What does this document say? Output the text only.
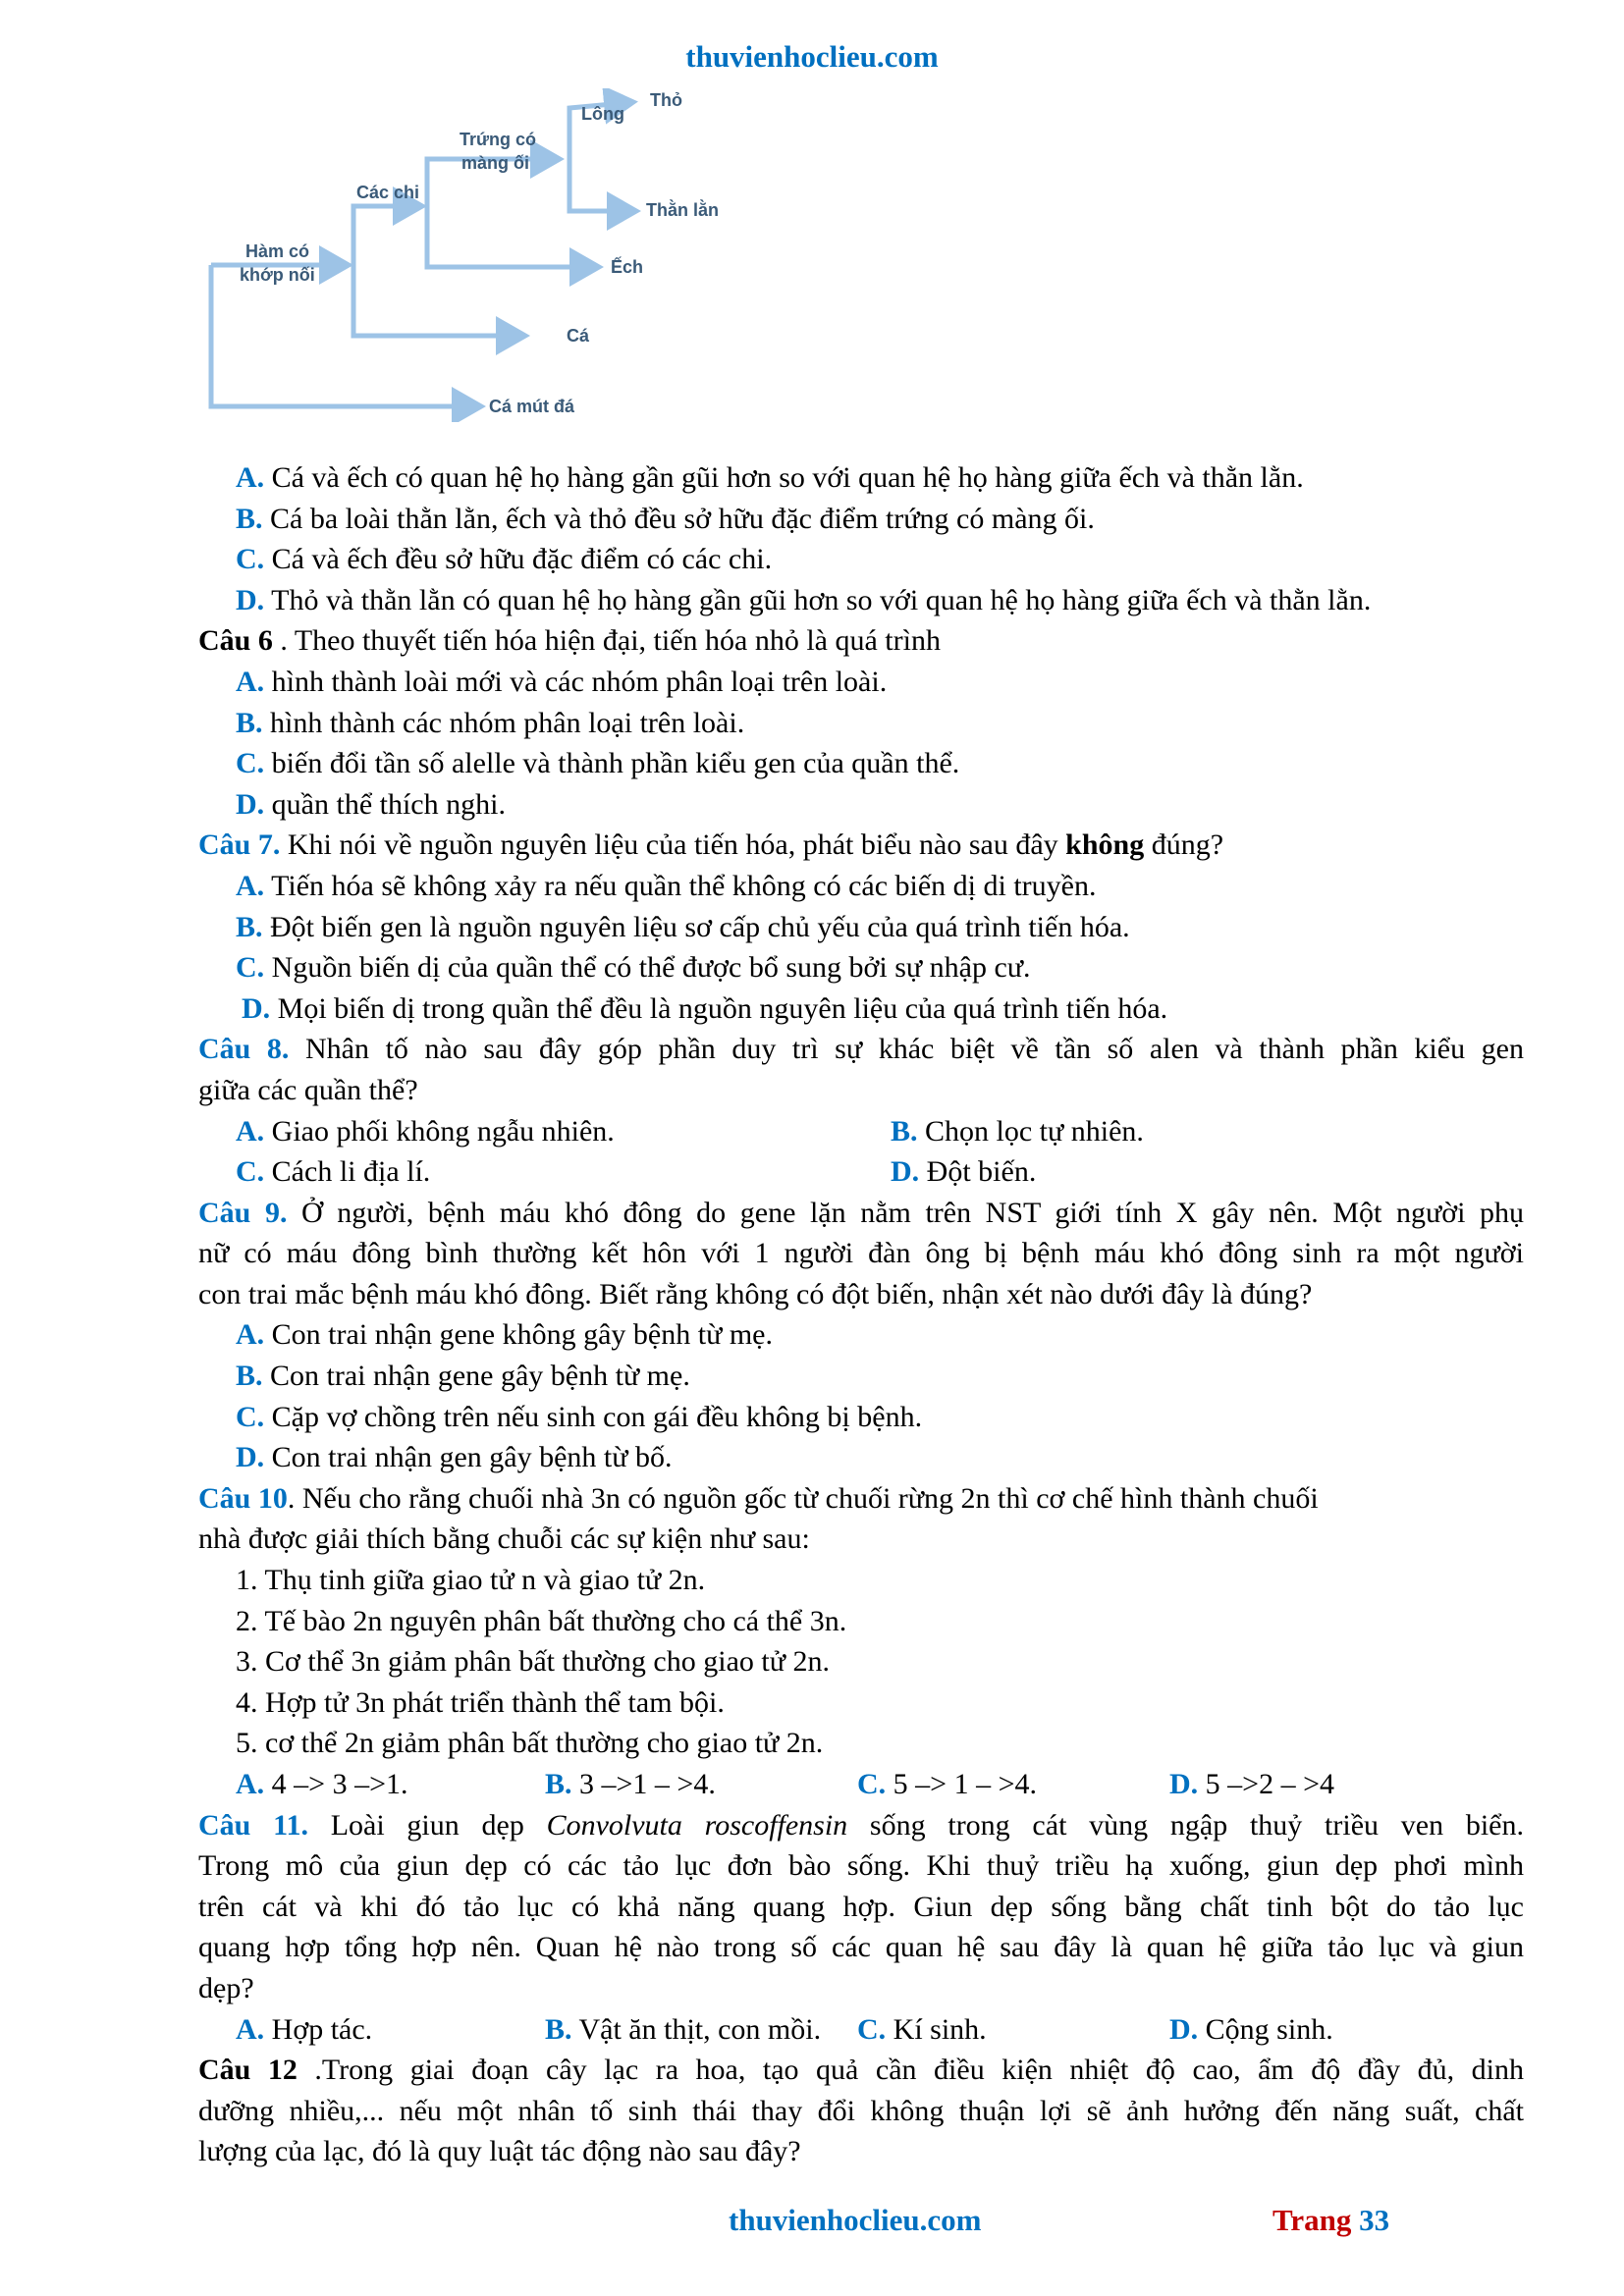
thuvienhoclieu.com
Hàm có
khớp nối
Các chi
Trứng có
màng ối
Lông
Thỏ
Thằn lằn
Ếch
Cá
Cá mút đá
A. Cá và ếch có quan hệ họ hàng gần gũi hơn so với quan hệ họ hàng giữa ếch và thằn lằn.
B. Cá ba loài thằn lằn, ếch và thỏ đều sở hữu đặc điểm trứng có màng ối.
C. Cá và ếch đều sở hữu đặc điểm có các chi.
D. Thỏ và thằn lằn có quan hệ họ hàng gần gũi hơn so với quan hệ họ hàng giữa ếch và thằn lằn.
Câu 6 . Theo thuyết tiến hóa hiện đại, tiến hóa nhỏ là quá trình
A. hình thành loài mới và các nhóm phân loại trên loài.
B. hình thành các nhóm phân loại trên loài.
C. biến đổi tần số alelle và thành phần kiểu gen của quần thể.
D. quần thể thích nghi.
Câu 7. Khi nói về nguồn nguyên liệu của tiến hóa, phát biểu nào sau đây không đúng?
A. Tiến hóa sẽ không xảy ra nếu quần thể không có các biến dị di truyền.
B. Đột biến gen là nguồn nguyên liệu sơ cấp chủ yếu của quá trình tiến hóa.
C. Nguồn biến dị của quần thể có thể được bổ sung bởi sự nhập cư.
D. Mọi biến dị trong quần thể đều là nguồn nguyên liệu của quá trình tiến hóa.
Câu 8. Nhân tố nào sau đây góp phần duy trì sự khác biệt về tần số alen và thành phần kiểu gen
giữa các quần thể?
A. Giao phối không ngẫu nhiên.	B. Chọn lọc tự nhiên.
C. Cách li địa lí.	D. Đột biến.
Câu 9. Ở người, bệnh máu khó đông do gene lặn nằm trên NST giới tính X gây nên. Một người phụ
nữ có máu đông bình thường kết hôn với 1 người đàn ông bị bệnh máu khó đông sinh ra một người
con trai mắc bệnh máu khó đông. Biết rằng không có đột biến, nhận xét nào dưới đây là đúng?
A. Con trai nhận gene không gây bệnh từ mẹ.
B. Con trai nhận gene gây bệnh từ mẹ.
C. Cặp vợ chồng trên nếu sinh con gái đều không bị bệnh.
D. Con trai nhận gen gây bệnh từ bố.
Câu 10. Nếu cho rằng chuối nhà 3n có nguồn gốc từ chuối rừng 2n thì cơ chế hình thành chuối
nhà được giải thích bằng chuỗi các sự kiện như sau:
1. Thụ tinh giữa giao tử n và giao tử 2n.
2. Tế bào 2n nguyên phân bất thường cho cá thể 3n.
3. Cơ thể 3n giảm phân bất thường cho giao tử 2n.
4. Hợp tử 3n phát triển thành thể tam bội.
5. cơ thể 2n giảm phân bất thường cho giao tử 2n.
A. 4 –> 3 –>1.	B. 3 –>1 – >4.	C. 5 –> 1 – >4.	D. 5 –>2 – >4
Câu 11. Loài giun dẹp Convolvuta roscoffensin sống trong cát vùng ngập thuỷ triều ven biển.
Trong mô của giun dẹp có các tảo lục đơn bào sống. Khi thuỷ triều hạ xuống, giun dẹp phơi mình
trên cát và khi đó tảo lục có khả năng quang hợp. Giun dẹp sống bằng chất tinh bột do tảo lục
quang hợp tổng hợp nên. Quan hệ nào trong số các quan hệ sau đây là quan hệ giữa tảo lục và giun
dẹp?
A. Hợp tác.	B. Vật ăn thịt, con mồi.	C. Kí sinh.	D. Cộng sinh.
Câu 12 .Trong giai đoạn cây lạc ra hoa, tạo quả cần điều kiện nhiệt độ cao, ẩm độ đầy đủ, dinh
dưỡng nhiều,... nếu một nhân tố sinh thái thay đổi không thuận lợi sẽ ảnh hưởng đến năng suất, chất
lượng của lạc, đó là quy luật tác động nào sau đây?
thuvienhoclieu.com	Trang 33
